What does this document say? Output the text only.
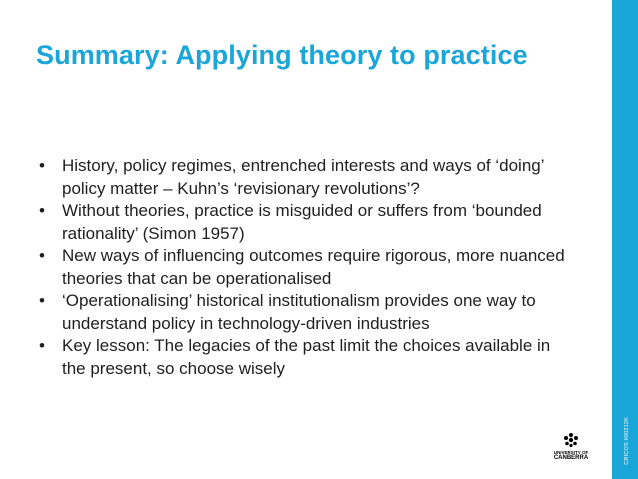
Summary: Applying theory to practice
• History, policy regimes, entrenched interests and ways of ‘doing’ policy matter – Kuhn’s ‘revisionary revolutions’?
• Without theories, practice is misguided or suffers from ‘bounded rationality’ (Simon 1957)
• New ways of influencing outcomes require rigorous, more nuanced theories that can be operationalised
• ‘Operationalising’ historical institutionalism provides one way to understand policy in technology-driven industries
• Key lesson: The legacies of the past limit the choices available in the present, so choose wisely
UNIVERSITY OF
CANBERRA	CRICOS #00212K
